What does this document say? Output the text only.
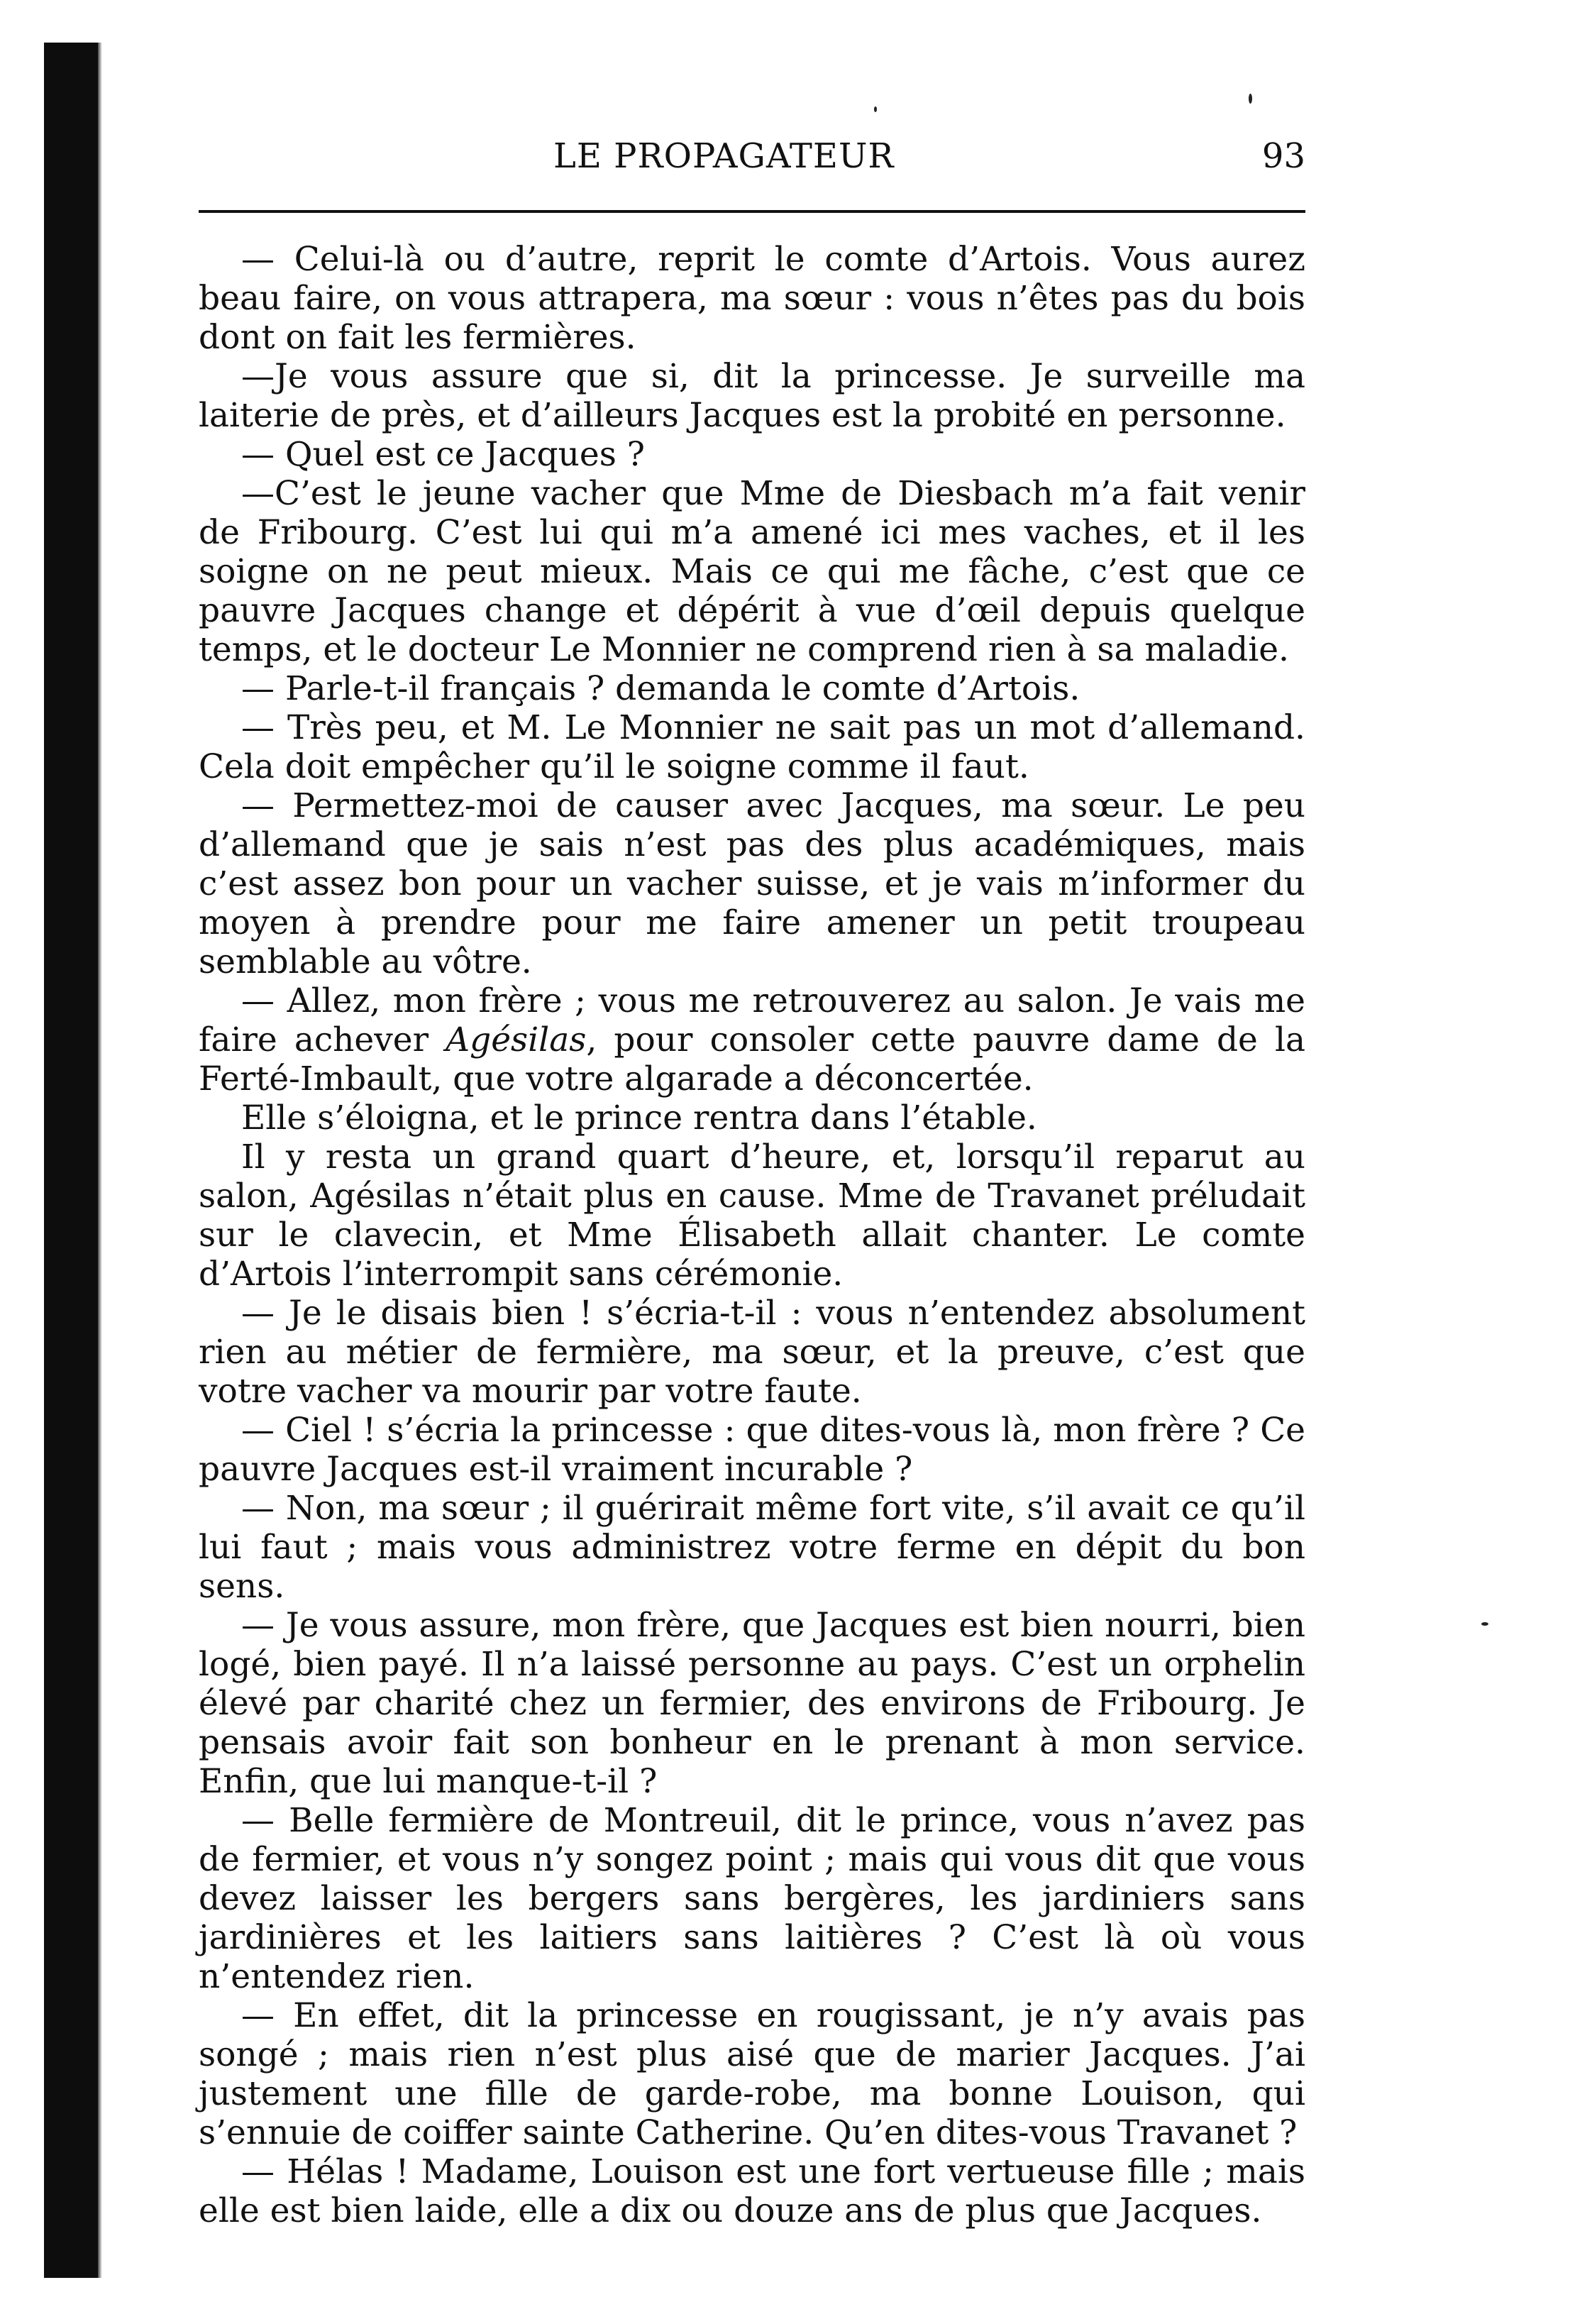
LE PROPAGATEUR	93

— Celui-là ou d’autre, reprit le comte d’Artois. Vous aurez beau faire, on vous attrapera, ma sœur : vous n’êtes pas du bois dont on fait les fermières.

—Je vous assure que si, dit la princesse. Je surveille ma laiterie de près, et d’ailleurs Jacques est la probité en personne.

— Quel est ce Jacques ?

—C’est le jeune vacher que Mme de Diesbach m’a fait venir de Fribourg. C’est lui qui m’a amené ici mes vaches, et il les soigne on ne peut mieux. Mais ce qui me fâche, c’est que ce pauvre Jacques change et dépérit à vue d’œil depuis quelque temps, et le docteur Le Monnier ne comprend rien à sa maladie.

— Parle-t-il français ? demanda le comte d’Artois.

— Très peu, et M. Le Monnier ne sait pas un mot d’allemand. Cela doit empêcher qu’il le soigne comme il faut.

— Permettez-moi de causer avec Jacques, ma sœur. Le peu d’allemand que je sais n’est pas des plus académiques, mais c’est assez bon pour un vacher suisse, et je vais m’informer du moyen à prendre pour me faire amener un petit troupeau semblable au vôtre.

— Allez, mon frère ; vous me retrouverez au salon. Je vais me faire achever Agésilas, pour consoler cette pauvre dame de la Ferté-Imbault, que votre algarade a déconcertée.

Elle s’éloigna, et le prince rentra dans l’étable.

Il y resta un grand quart d’heure, et, lorsqu’il reparut au salon, Agésilas n’était plus en cause. Mme de Travanet préludait sur le clavecin, et Mme Élisabeth allait chanter. Le comte d’Artois l’interrompit sans cérémonie.

— Je le disais bien ! s’écria-t-il : vous n’entendez absolument rien au métier de fermière, ma sœur, et la preuve, c’est que votre vacher va mourir par votre faute.

— Ciel ! s’écria la princesse : que dites-vous là, mon frère ? Ce pauvre Jacques est-il vraiment incurable ?

— Non, ma sœur ; il guérirait même fort vite, s’il avait ce qu’il lui faut ; mais vous administrez votre ferme en dépit du bon sens.

— Je vous assure, mon frère, que Jacques est bien nourri, bien logé, bien payé. Il n’a laissé personne au pays. C’est un orphelin élevé par charité chez un fermier, des environs de Fribourg. Je pensais avoir fait son bonheur en le prenant à mon service. Enfin, que lui manque-t-il ?

— Belle fermière de Montreuil, dit le prince, vous n’avez pas de fermier, et vous n’y songez point ; mais qui vous dit que vous devez laisser les bergers sans bergères, les jardiniers sans jardinières et les laitiers sans laitières ? C’est là où vous n’entendez rien.

— En effet, dit la princesse en rougissant, je n’y avais pas songé ; mais rien n’est plus aisé que de marier Jacques. J’ai justement une fille de garde-robe, ma bonne Louison, qui s’ennuie de coiffer sainte Catherine. Qu’en dites-vous Travanet ?

— Hélas ! Madame, Louison est une fort vertueuse fille ; mais elle est bien laide, elle a dix ou douze ans de plus que Jacques.
